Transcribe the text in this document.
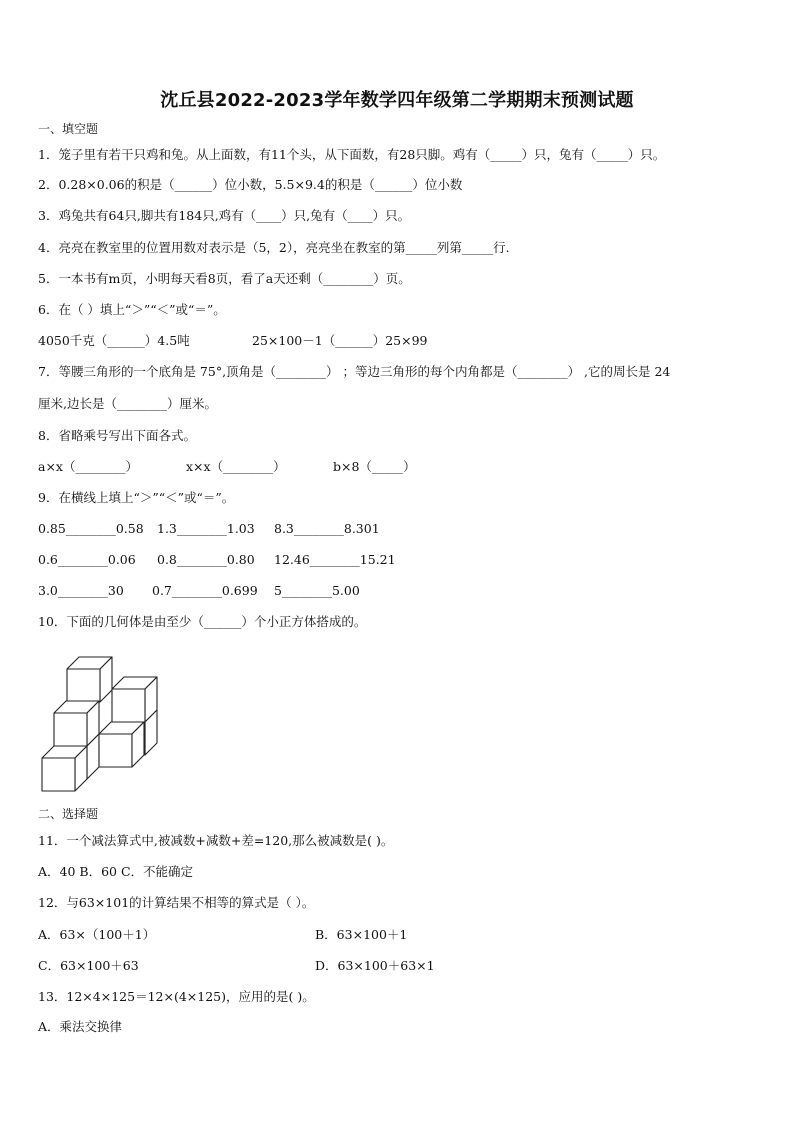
沈丘县2022-2023学年数学四年级第二学期期末预测试题
一、填空题
1．笼子里有若干只鸡和兔。从上面数，有11个头，从下面数，有28只脚。鸡有（_____）只，兔有（_____）只。
2．0.28×0.06的积是（______）位小数，5.5×9.4的积是（______）位小数
3．鸡兔共有64只,脚共有184只,鸡有（____）只,兔有（____）只。
4．亮亮在教室里的位置用数对表示是（5，2），亮亮坐在教室的第_____列第_____行.
5．一本书有m页，小明每天看8页，看了a天还剩（________）页。
6．在（ ）填上“＞”“＜”或“＝”。
4050千克（______）4.5吨	25×100－1（______）25×99
7．等腰三角形的一个底角是 75°,顶角是（________） ；等边三角形的每个内角都是（________） ,它的周长是 24
厘米,边长是（________）厘米。
8．省略乘号写出下面各式。
a×x（________）	x×x（________）	b×8（_____）
9．在横线上填上“＞”“＜”或“＝”。
0.85________0.58 1.3________1.03 8.3________8.301
0.6________0.06 0.8________0.80 12.46________15.21
3.0________30 0.7________0.699 5________5.00
10．下面的几何体是由至少（______）个小正方体搭成的。
二、选择题
11．一个减法算式中,被减数+减数+差=120,那么被减数是( )。
A．40 B．60 C．不能确定
12．与63×101的计算结果不相等的算式是（ ）。
A．63×（100＋1）	B．63×100＋1
C．63×100＋63	D．63×100＋63×1
13．12×4×125＝12×(4×125)，应用的是( )。
A．乘法交换律
